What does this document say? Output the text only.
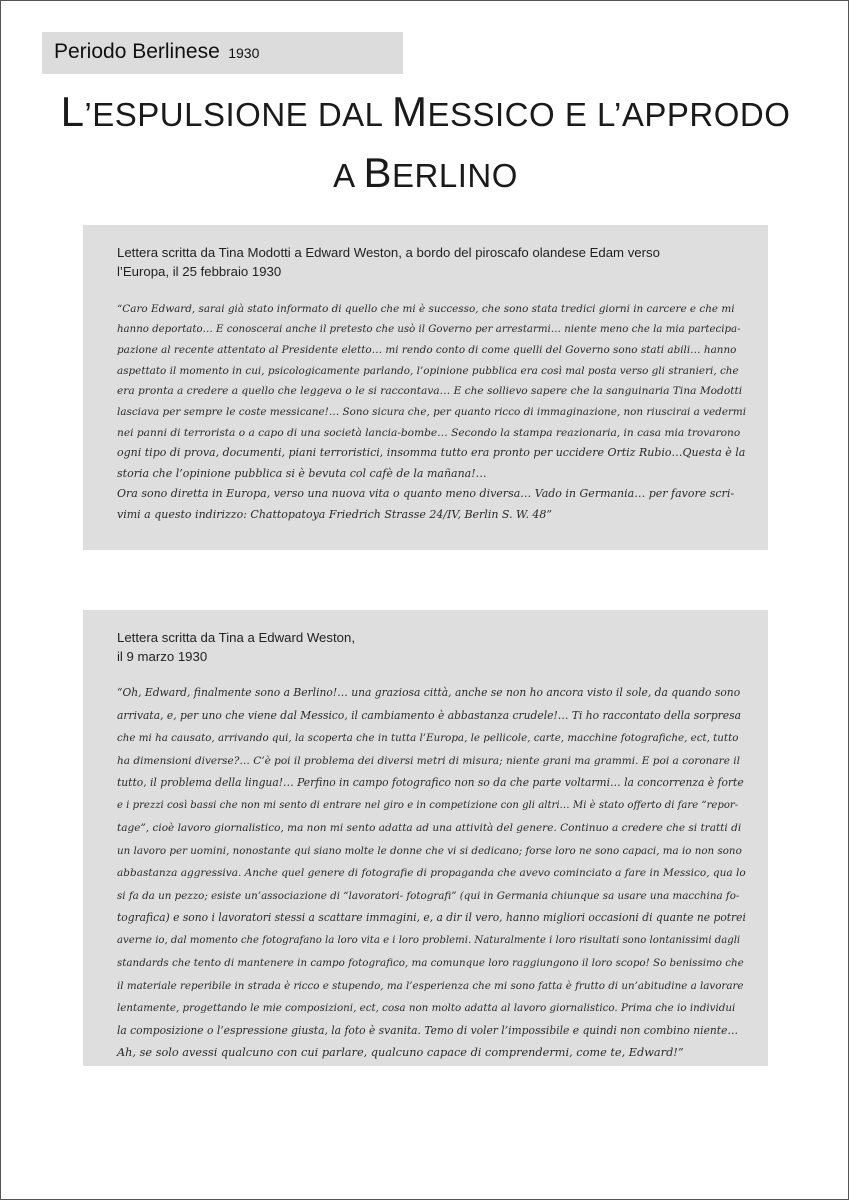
Periodo Berlinese 1930
L’ESPULSIONE DAL MESSICO E L’APPRODO
A BERLINO
Lettera scritta da Tina Modotti a Edward Weston, a bordo del piroscafo olandese Edam verso
l’Europa, il 25 febbraio 1930
“Caro Edward, sarai già stato informato di quello che mi è successo, che sono stata tredici giorni in carcere e che mi
hanno deportato… E conoscerai anche il pretesto che usò il Governo per arrestarmi… niente meno che la mia partecipa-
pazione al recente attentato al Presidente eletto… mi rendo conto di come quelli del Governo sono stati abili… hanno
aspettato il momento in cui, psicologicamente parlando, l’opinione pubblica era così mal posta verso gli stranieri, che
era pronta a credere a quello che leggeva o le si raccontava… E che sollievo sapere che la sanguinaria Tina Modotti
lasciava per sempre le coste messicane!… Sono sicura che, per quanto ricco di immaginazione, non riuscirai a vedermi
nei panni di terrorista o a capo di una società lancia-bombe… Secondo la stampa reazionaria, in casa mia trovarono
ogni tipo di prova, documenti, piani terroristici, insomma tutto era pronto per uccidere Ortiz Rubio…Questa è la
storia che l’opinione pubblica si è bevuta col cafè de la mañana!…
Ora sono diretta in Europa, verso una nuova vita o quanto meno diversa… Vado in Germania… per favore scri-
vimi a questo indirizzo: Chattopatoya Friedrich Strasse 24/IV, Berlin S. W. 48”
Lettera scritta da Tina a Edward Weston,
il 9 marzo 1930
“Oh, Edward, finalmente sono a Berlino!… una graziosa città, anche se non ho ancora visto il sole, da quando sono
arrivata, e, per uno che viene dal Messico, il cambiamento è abbastanza crudele!… Ti ho raccontato della sorpresa
che mi ha causato, arrivando qui, la scoperta che in tutta l’Europa, le pellicole, carte, macchine fotografiche, ect, tutto
ha dimensioni diverse?… C’è poi il problema dei diversi metri di misura; niente grani ma grammi. E poi a coronare il
tutto, il problema della lingua!… Perfino in campo fotografico non so da che parte voltarmi… la concorrenza è forte
e i prezzi così bassi che non mi sento di entrare nel giro e in competizione con gli altri… Mi è stato offerto di fare “repor-
tage”, cioè lavoro giornalistico, ma non mi sento adatta ad una attività del genere. Continuo a credere che si tratti di
un lavoro per uomini, nonostante qui siano molte le donne che vi si dedicano; forse loro ne sono capaci, ma io non sono
abbastanza aggressiva. Anche quel genere di fotografie di propaganda che avevo cominciato a fare in Messico, qua lo
si fa da un pezzo; esiste un’associazione di “lavoratori- fotografi” (qui in Germania chiunque sa usare una macchina fo-
tografica) e sono i lavoratori stessi a scattare immagini, e, a dir il vero, hanno migliori occasioni di quante ne potrei
averne io, dal momento che fotografano la loro vita e i loro problemi. Naturalmente i loro risultati sono lontanissimi dagli
standards che tento di mantenere in campo fotografico, ma comunque loro raggiungono il loro scopo! So benissimo che
il materiale reperibile in strada è ricco e stupendo, ma l’esperienza che mi sono fatta è frutto di un’abitudine a lavorare
lentamente, progettando le mie composizioni, ect, cosa non molto adatta al lavoro giornalistico. Prima che io individui
la composizione o l’espressione giusta, la foto è svanita. Temo di voler l’impossibile e quindi non combino niente…
Ah, se solo avessi qualcuno con cui parlare, qualcuno capace di comprendermi, come te, Edward!”
